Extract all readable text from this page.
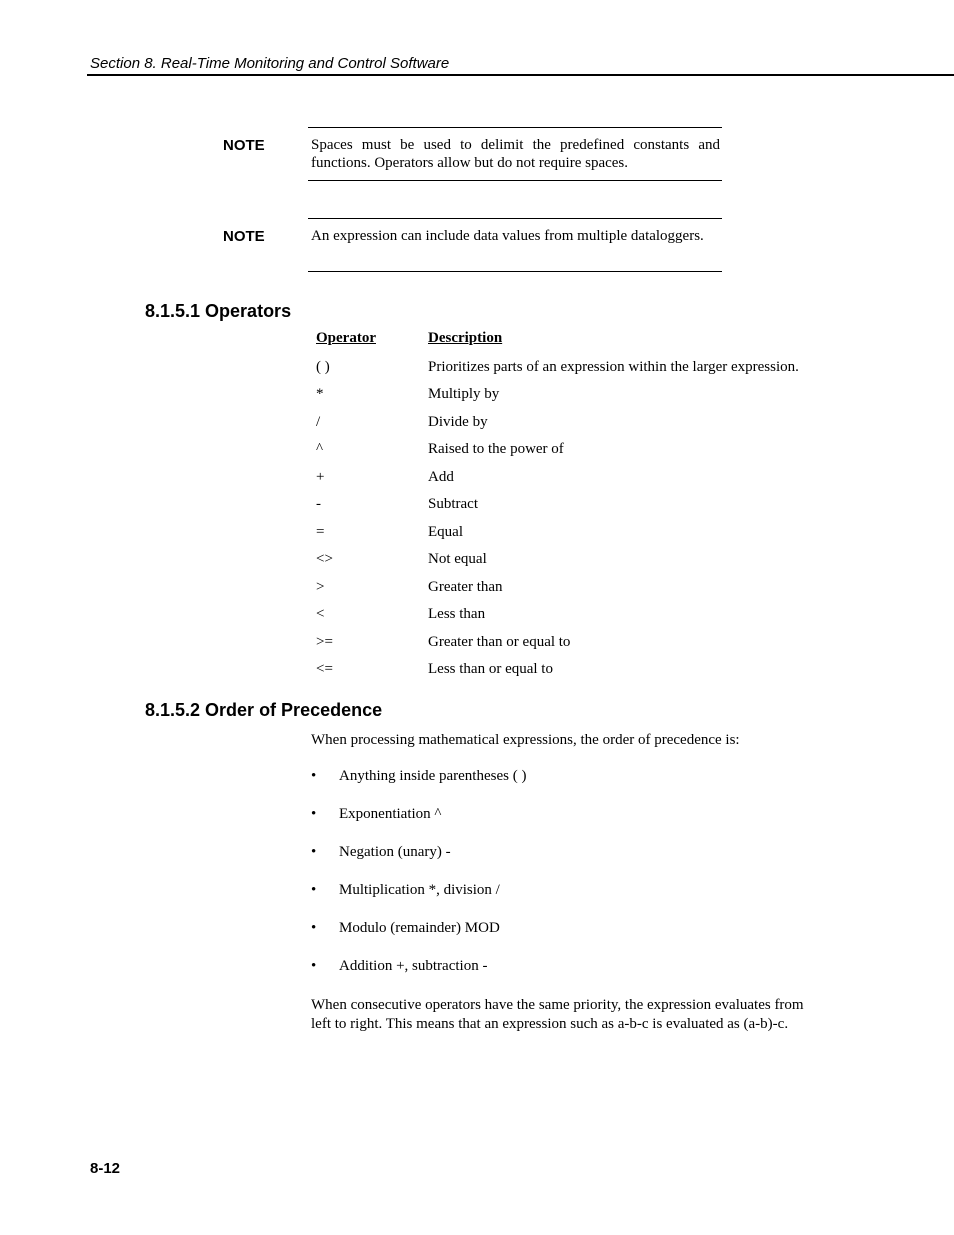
Section 8. Real-Time Monitoring and Control Software
NOTE	Spaces must be used to delimit the predefined constants and functions. Operators allow but do not require spaces.
NOTE	An expression can include data values from multiple dataloggers.
8.1.5.1 Operators
Operator	Description
( )	Prioritizes parts of an expression within the larger expression.
*	Multiply by
/	Divide by
^	Raised to the power of
+	Add
-	Subtract
=	Equal
<>	Not equal
>	Greater than
<	Less than
>=	Greater than or equal to
<=	Less than or equal to
8.1.5.2 Order of Precedence
When processing mathematical expressions, the order of precedence is:
• Anything inside parentheses ( )
• Exponentiation ^
• Negation (unary) -
• Multiplication *, division /
• Modulo (remainder) MOD
• Addition +, subtraction -
When consecutive operators have the same priority, the expression evaluates from left to right. This means that an expression such as a-b-c is evaluated as (a-b)-c.
8-12
